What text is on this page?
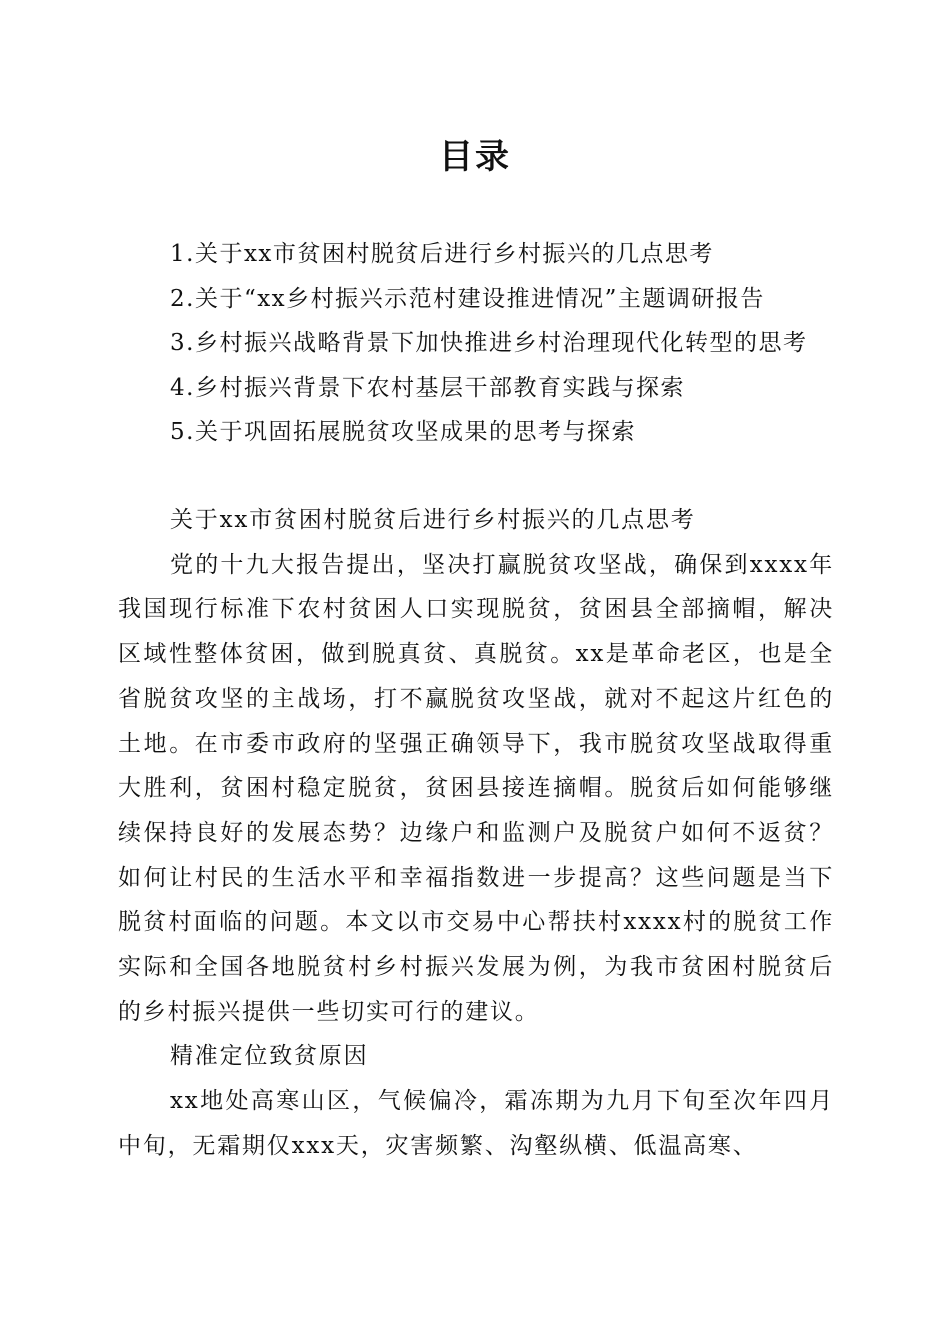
目录
1.关于xx市贫困村脱贫后进行乡村振兴的几点思考
2.关于“xx乡村振兴示范村建设推进情况”主题调研报告
3.乡村振兴战略背景下加快推进乡村治理现代化转型的思考
4.乡村振兴背景下农村基层干部教育实践与探索
5.关于巩固拓展脱贫攻坚成果的思考与探索

关于xx市贫困村脱贫后进行乡村振兴的几点思考

党的十九大报告提出，坚决打赢脱贫攻坚战，确保到xxxx年我国现行标准下农村贫困人口实现脱贫，贫困县全部摘帽，解决区域性整体贫困，做到脱真贫、真脱贫。xx是革命老区，也是全省脱贫攻坚的主战场，打不赢脱贫攻坚战，就对不起这片红色的土地。在市委市政府的坚强正确领导下，我市脱贫攻坚战取得重大胜利，贫困村稳定脱贫，贫困县接连摘帽。脱贫后如何能够继续保持良好的发展态势？边缘户和监测户及脱贫户如何不返贫？如何让村民的生活水平和幸福指数进一步提高？这些问题是当下脱贫村面临的问题。本文以市交易中心帮扶村xxxx村的脱贫工作实际和全国各地脱贫村乡村振兴发展为例，为我市贫困村脱贫后的乡村振兴提供一些切实可行的建议。

精准定位致贫原因

xx地处高寒山区，气候偏冷，霜冻期为九月下旬至次年四月中旬，无霜期仅xxx天，灾害频繁、沟壑纵横、低温高寒、
